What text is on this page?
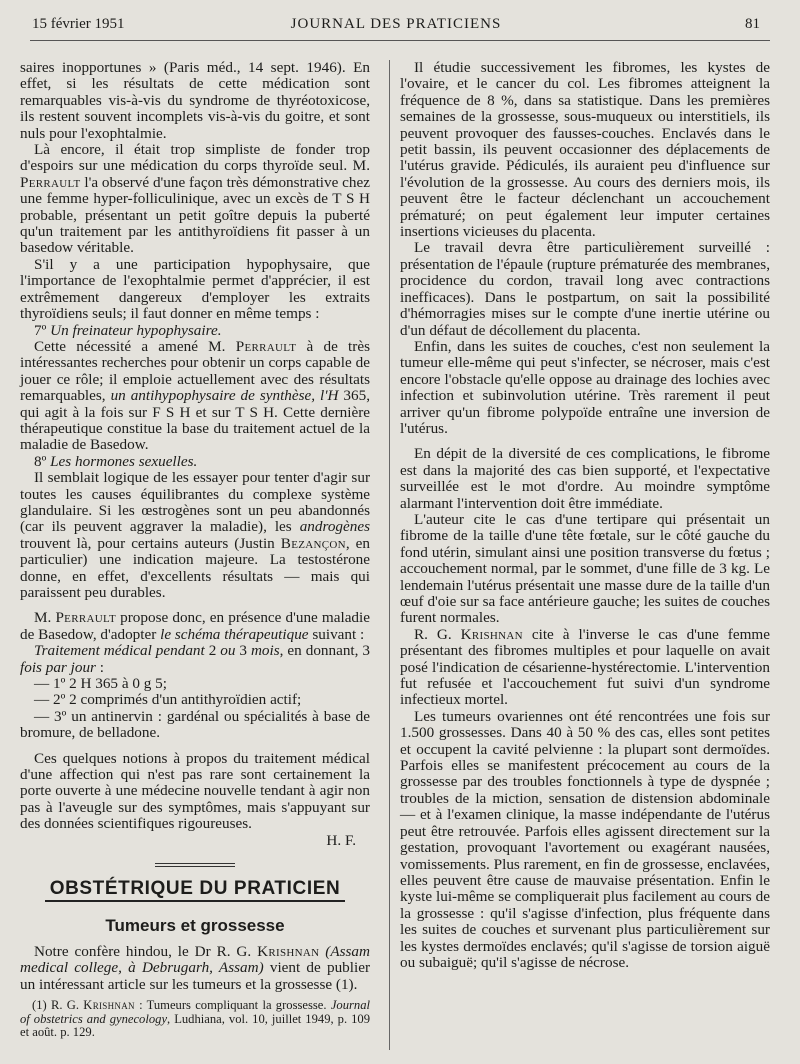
15 février 1951	JOURNAL DES PRATICIENS	81

saires inopportunes » (Paris méd., 14 sept. 1946). En effet, si les résultats de cette médication sont remarquables vis-à-vis du syndrome de thyréotoxicose, ils restent souvent incomplets vis-à-vis du goitre, et sont nuls pour l'exophtalmie.

Là encore, il était trop simpliste de fonder trop d'espoirs sur une médication du corps thyroïde seul. M. Perrault l'a observé d'une façon très démonstrative chez une femme hyper-folliculinique, avec un excès de T S H probable, présentant un petit goître depuis la puberté qu'un traitement par les antithyroïdiens fit passer à un basedow véritable.

S'il y a une participation hypophysaire, que l'importance de l'exophtalmie permet d'apprécier, il est extrêmement dangereux d'employer les extraits thyroïdiens seuls; il faut donner en même temps :

7º Un freinateur hypophysaire.

Cette nécessité a amené M. Perrault à de très intéressantes recherches pour obtenir un corps capable de jouer ce rôle; il emploie actuellement avec des résultats remarquables, un antihypophysaire de synthèse, l'H 365, qui agit à la fois sur F S H et sur T S H. Cette dernière thérapeutique constitue la base du traitement actuel de la maladie de Basedow.

8º Les hormones sexuelles.

Il semblait logique de les essayer pour tenter d'agir sur toutes les causes équilibrantes du complexe système glandulaire. Si les œstrogènes sont un peu abandonnés (car ils peuvent aggraver la maladie), les androgènes trouvent là, pour certains auteurs (Justin Bezançon, en particulier) une indication majeure. La testostérone donne, en effet, d'excellents résultats — mais qui paraissent peu durables.

M. Perrault propose donc, en présence d'une maladie de Basedow, d'adopter le schéma thérapeutique suivant :

Traitement médical pendant 2 ou 3 mois, en donnant, 3 fois par jour :

— 1º 2 H 365 à 0 g 5;

— 2º 2 comprimés d'un antithyroïdien actif;

— 3º un antinervin : gardénal ou spécialités à base de bromure, de belladone.

Ces quelques notions à propos du traitement médical d'une affection qui n'est pas rare sont certainement la porte ouverte à une médecine nouvelle tendant à agir non pas à l'aveugle sur des symptômes, mais s'appuyant sur des données scientifiques rigoureuses.

H. F.

OBSTÉTRIQUE DU PRATICIEN
Tumeurs et grossesse

Notre confère hindou, le Dr R. G. Krishnan (Assam medical college, à Debrugarh, Assam) vient de publier un intéressant article sur les tumeurs et la grossesse (1).

(1) R. G. Krishnan : Tumeurs compliquant la grossesse. Journal of obstetrics and gynecology, Ludhiana, vol. 10, juillet 1949, p. 109 et août. p. 129.

Il étudie successivement les fibromes, les kystes de l'ovaire, et le cancer du col. Les fibromes atteignent la fréquence de 8 %, dans sa statistique. Dans les premières semaines de la grossesse, sous-muqueux ou interstitiels, ils peuvent provoquer des fausses-couches. Enclavés dans le petit bassin, ils peuvent occasionner des déplacements de l'utérus gravide. Pédiculés, ils auraient peu d'influence sur l'évolution de la grossesse. Au cours des derniers mois, ils peuvent être le facteur déclenchant un accouchement prématuré; on peut également leur imputer certaines insertions vicieuses du placenta.

Le travail devra être particulièrement surveillé : présentation de l'épaule (rupture prématurée des membranes, procidence du cordon, travail long avec contractions inefficaces). Dans le postpartum, on sait la possibilité d'hémorragies mises sur le compte d'une inertie utérine ou d'un défaut de décollement du placenta.

Enfin, dans les suites de couches, c'est non seulement la tumeur elle-même qui peut s'infecter, se nécroser, mais c'est encore l'obstacle qu'elle oppose au drainage des lochies avec infection et subinvolution utérine. Très rarement il peut arriver qu'un fibrome polypoïde entraîne une inversion de l'utérus.

En dépit de la diversité de ces complications, le fibrome est dans la majorité des cas bien supporté, et l'expectative surveillée est le mot d'ordre. Au moindre symptôme alarmant l'intervention doit être immédiate.

L'auteur cite le cas d'une tertipare qui présentait un fibrome de la taille d'une tête fœtale, sur le côté gauche du fond utérin, simulant ainsi une position transverse du fœtus ; accouchement normal, par le sommet, d'une fille de 3 kg. Le lendemain l'utérus présentait une masse dure de la taille d'un œuf d'oie sur sa face antérieure gauche; les suites de couches furent normales.

R. G. Krishnan cite à l'inverse le cas d'une femme présentant des fibromes multiples et pour laquelle on avait posé l'indication de césarienne-hystérectomie. L'intervention fut refusée et l'accouchement fut suivi d'un syndrome infectieux mortel.

Les tumeurs ovariennes ont été rencontrées une fois sur 1.500 grossesses. Dans 40 à 50 % des cas, elles sont petites et occupent la cavité pelvienne : la plupart sont dermoïdes. Parfois elles se manifestent précocement au cours de la grossesse par des troubles fonctionnels à type de dyspnée ; troubles de la miction, sensation de distension abdominale — et à l'examen clinique, la masse indépendante de l'utérus peut être retrouvée. Parfois elles agissent directement sur la gestation, provoquant l'avortement ou exagérant nausées, vomissements. Plus rarement, en fin de grossesse, enclavées, elles peuvent être cause de mauvaise présentation. Enfin le kyste lui-même se compliquerait plus facilement au cours de la grossesse : qu'il s'agisse d'infection, plus fréquente dans les suites de couches et survenant plus particulièrement sur les kystes dermoïdes enclavés; qu'il s'agisse de torsion aiguë ou subaiguë; qu'il s'agisse de nécrose.
